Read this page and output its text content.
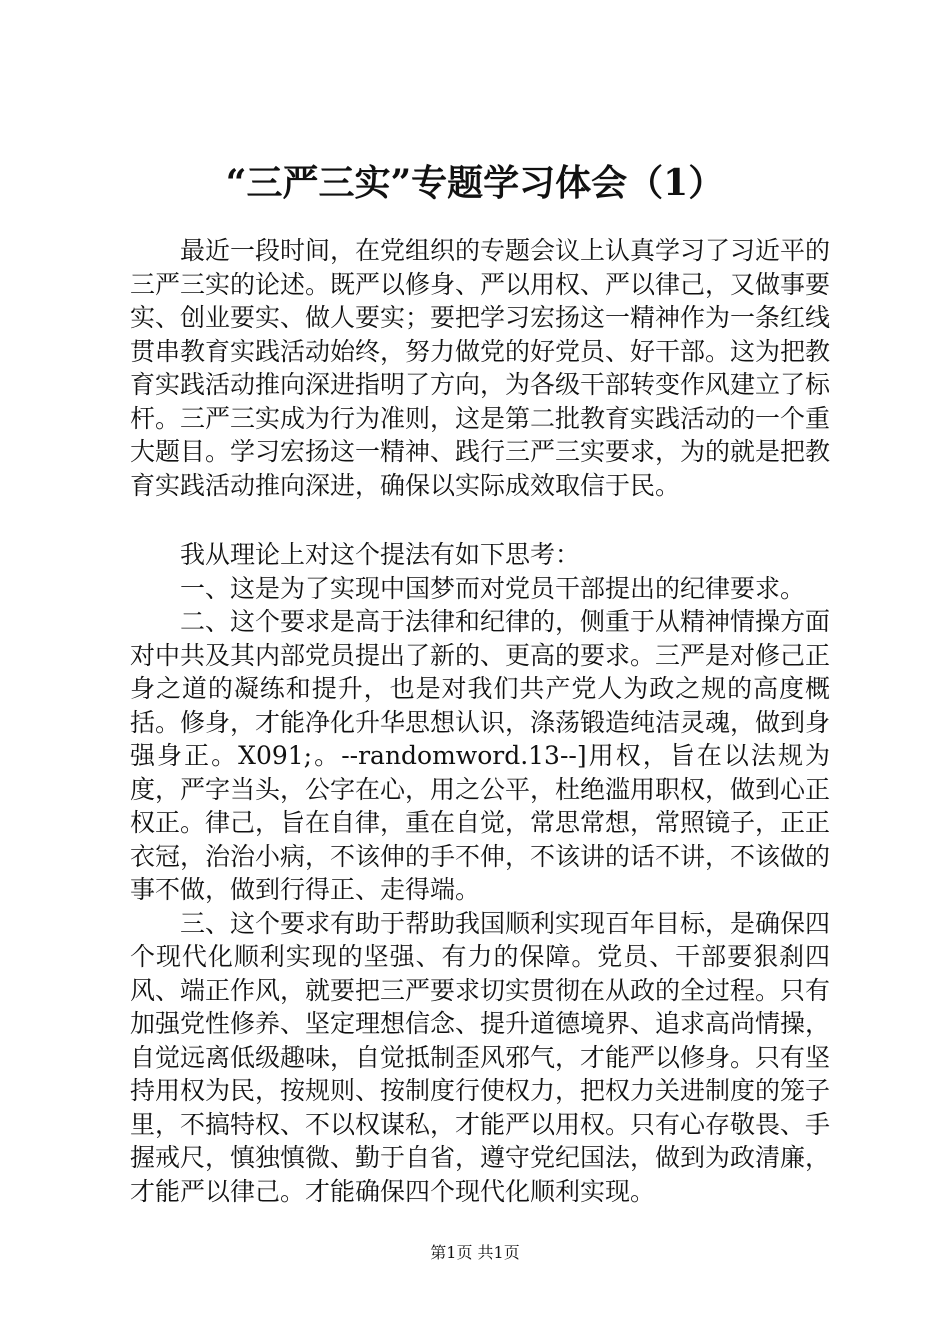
“三严三实”专题学习体会（1）

最近一段时间，在党组织的专题会议上认真学习了习近平的三严三实的论述。既严以修身、严以用权、严以律己，又做事要实、创业要实、做人要实；要把学习宏扬这一精神作为一条红线贯串教育实践活动始终，努力做党的好党员、好干部。这为把教育实践活动推向深进指明了方向，为各级干部转变作风建立了标杆。三严三实成为行为准则，这是第二批教育实践活动的一个重大题目。学习宏扬这一精神、践行三严三实要求，为的就是把教育实践活动推向深进，确保以实际成效取信于民。

我从理论上对这个提法有如下思考：

一、这是为了实现中国梦而对党员干部提出的纪律要求。

二、这个要求是高于法律和纪律的，侧重于从精神情操方面对中共及其内部党员提出了新的、更高的要求。三严是对修己正身之道的凝练和提升，也是对我们共产党人为政之规的高度概括。修身，才能净化升华思想认识，涤荡锻造纯洁灵魂，做到身强身正。X091;。--randomword.13--]用权，旨在以法规为度，严字当头，公字在心，用之公平，杜绝滥用职权，做到心正权正。律己，旨在自律，重在自觉，常思常想，常照镜子，正正衣冠，治治小病，不该伸的手不伸，不该讲的话不讲，不该做的事不做，做到行得正、走得端。

三、这个要求有助于帮助我国顺利实现百年目标，是确保四个现代化顺利实现的坚强、有力的保障。党员、干部要狠刹四风、端正作风，就要把三严要求切实贯彻在从政的全过程。只有加强党性修养、坚定理想信念、提升道德境界、追求高尚情操，自觉远离低级趣味，自觉抵制歪风邪气，才能严以修身。只有坚持用权为民，按规则、按制度行使权力，把权力关进制度的笼子里，不搞特权、不以权谋私，才能严以用权。只有心存敬畏、手握戒尺，慎独慎微、勤于自省，遵守党纪国法，做到为政清廉，才能严以律己。才能确保四个现代化顺利实现。

第1页 共1页
